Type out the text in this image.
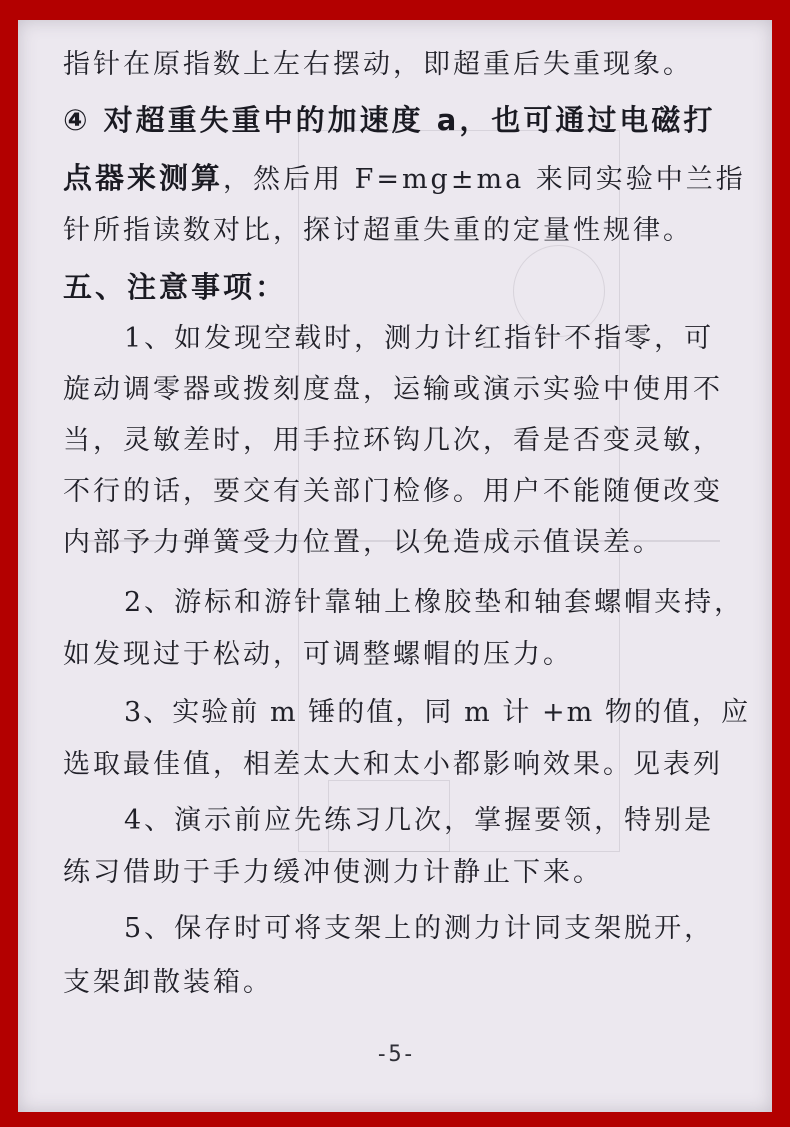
指针在原指数上左右摆动，即超重后失重现象。
④ 对超重失重中的加速度 a，也可通过电磁打
点器来测算，然后用 F=mg±ma 来同实验中兰指
针所指读数对比，探讨超重失重的定量性规律。
五、注意事项：
1、如发现空载时，测力计红指针不指零，可
旋动调零器或拨刻度盘，运输或演示实验中使用不
当，灵敏差时，用手拉环钩几次，看是否变灵敏，
不行的话，要交有关部门检修。用户不能随便改变
内部予力弹簧受力位置，以免造成示值误差。
2、游标和游针靠轴上橡胶垫和轴套螺帽夹持，
如发现过于松动，可调整螺帽的压力。
3、实验前 m 锤的值，同 m 计 +m 物的值，应
选取最佳值，相差太大和太小都影响效果。见表列
4、演示前应先练习几次，掌握要领，特别是
练习借助于手力缓冲使测力计静止下来。
5、保存时可将支架上的测力计同支架脱开，
支架卸散装箱。
-5-
